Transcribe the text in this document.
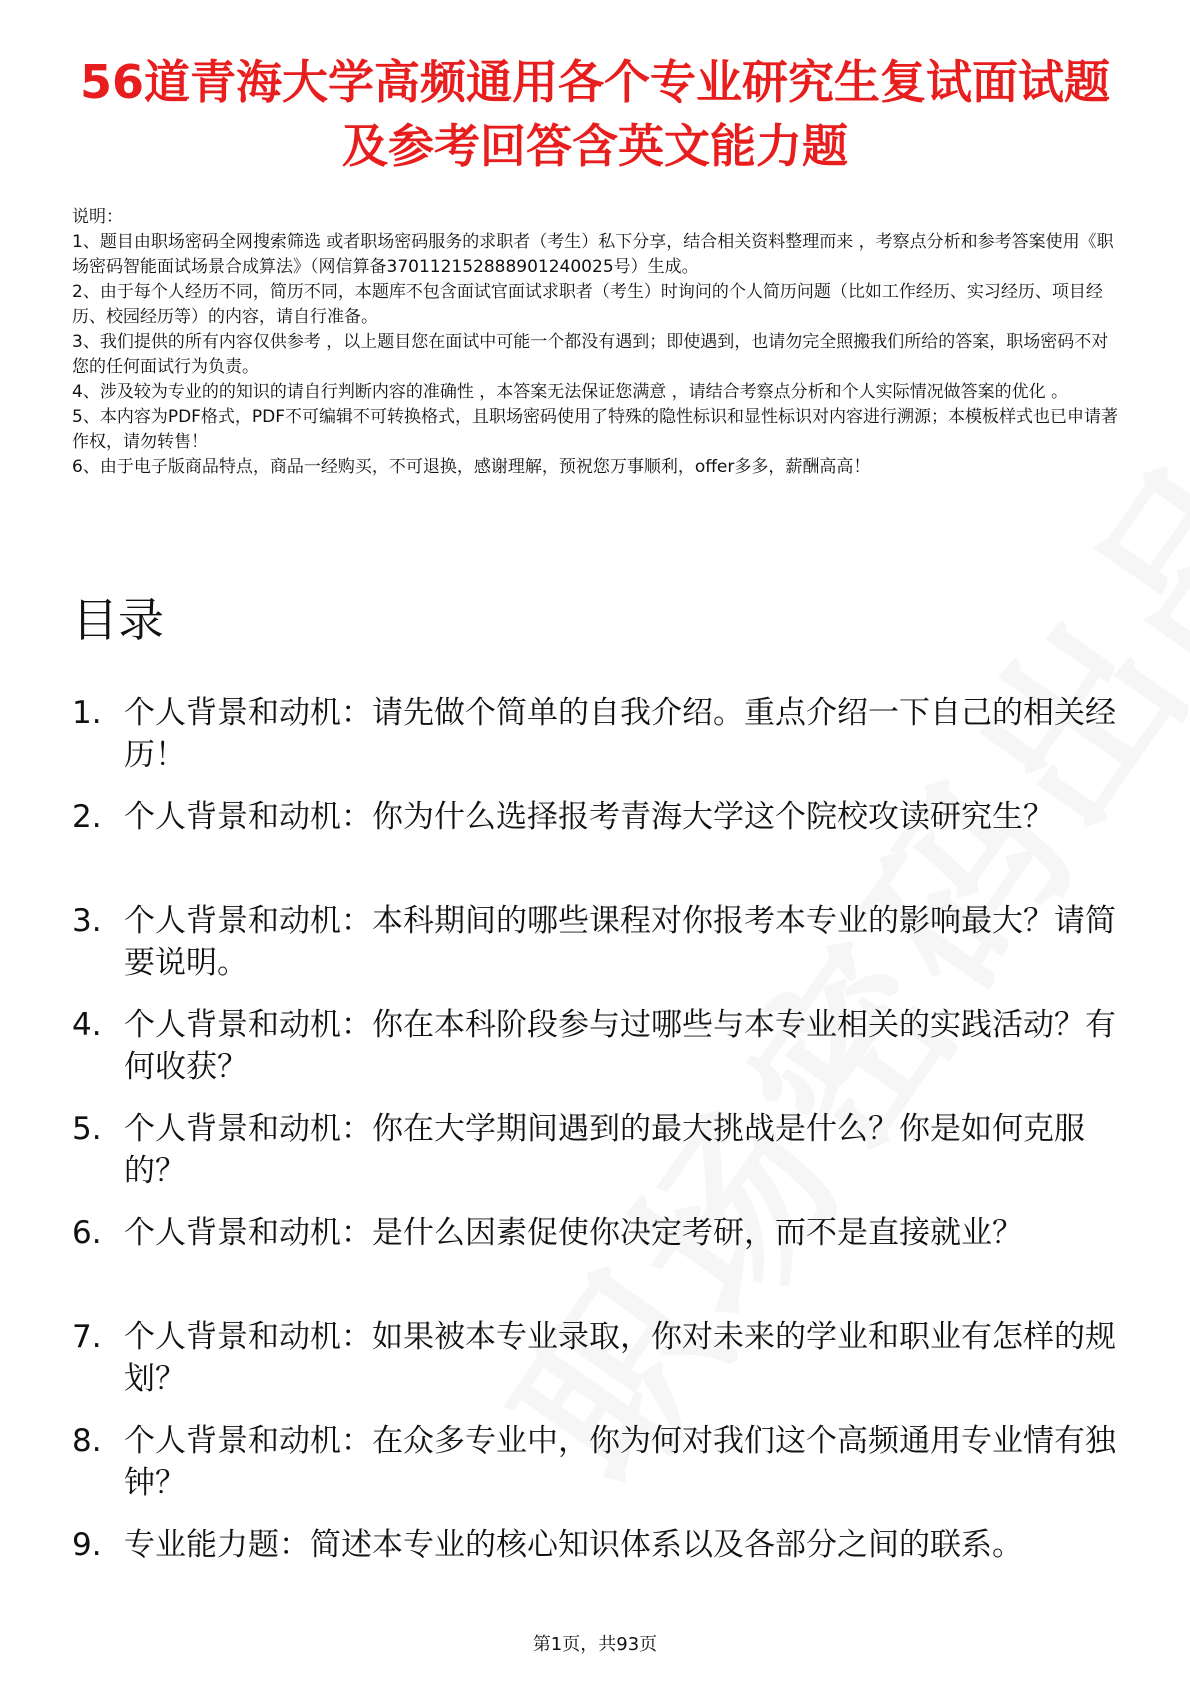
56道青海大学高频通用各个专业研究生复试面试题及参考回答含英文能力题

说明：

1、题目由职场密码全网搜索筛选 或者职场密码服务的求职者（考生）私下分享，结合相关资料整理而来 ，考察点分析和参考答案使用《职场密码智能面试场景合成算法》（网信算备370112152888901240025号）生成。

2、由于每个人经历不同，简历不同，本题库不包含面试官面试求职者（考生）时询问的个人简历问题（比如工作经历、实习经历、项目经历、校园经历等）的内容，请自行准备。

3、我们提供的所有内容仅供参考 ，以上题目您在面试中可能一个都没有遇到；即使遇到，也请勿完全照搬我们所给的答案，职场密码不对您的任何面试行为负责。

4、涉及较为专业的的知识的请自行判断内容的准确性 ，本答案无法保证您满意 ，请结合考察点分析和个人实际情况做答案的优化 。

5、本内容为PDF格式，PDF不可编辑不可转换格式，且职场密码使用了特殊的隐性标识和显性标识对内容进行溯源；本模板样式也已申请著作权，请勿转售！

6、由于电子版商品特点，商品一经购买，不可退换，感谢理解，预祝您万事顺利，offer多多，薪酬高高！

目录
1. 个人背景和动机：请先做个简单的自我介绍。重点介绍一下自己的相关经历！
2. 个人背景和动机：你为什么选择报考青海大学这个院校攻读研究生？
3. 个人背景和动机：本科期间的哪些课程对你报考本专业的影响最大？请简要说明。
4. 个人背景和动机：你在本科阶段参与过哪些与本专业相关的实践活动？有何收获？
5. 个人背景和动机：你在大学期间遇到的最大挑战是什么？你是如何克服的？
6. 个人背景和动机：是什么因素促使你决定考研，而不是直接就业？
7. 个人背景和动机：如果被本专业录取，你对未来的学业和职业有怎样的规划？
8. 个人背景和动机：在众多专业中，你为何对我们这个高频通用专业情有独钟？
9. 专业能力题：简述本专业的核心知识体系以及各部分之间的联系。
第1页，共93页
